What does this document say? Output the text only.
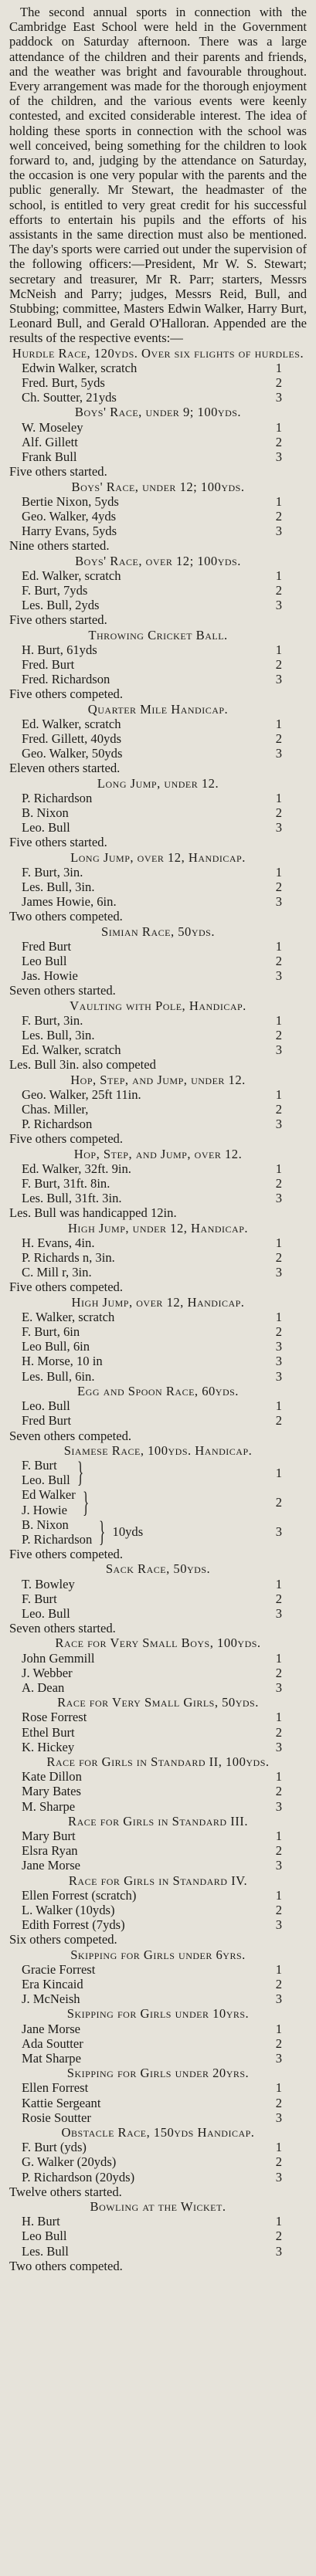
The second annual sports in connection with the Cambridge East School were held in the Government paddock on Saturday afternoon. There was a large attendance of the children and their parents and friends, and the weather was bright and favourable throughout. Every arrangement was made for the thorough enjoyment of the children, and the various events were keenly contested, and excited considerable interest. The idea of holding these sports in connection with the school was well conceived, being something for the children to look forward to, and, judging by the attendance on Saturday, the occasion is one very popular with the parents and the public generally. Mr Stewart, the headmaster of the school, is entitled to very great credit for his successful efforts to entertain his pupils and the efforts of his assistants in the same direction must also be mentioned. The day's sports were carried out under the supervision of the following officers:—President, Mr W. S. Stewart; secretary and treasurer, Mr R. Parr; starters, Messrs McNeish and Parry; judges, Messrs Reid, Bull, and Stubbing; committee, Masters Edwin Walker, Harry Burt, Leonard Bull, and Gerald O'Halloran. Appended are the results of the respective events:—

Hurdle Race, 120yds. Over six flights of hurdles.
Edwin Walker, scratch	1
Fred. Burt, 5yds	2
Ch. Soutter, 21yds	3
Boys' Race, under 9; 100yds.
W. Moseley	1
Alf. Gillett	2
Frank Bull	3
Five others started.
Boys' Race, under 12; 100yds.
Bertie Nixon, 5yds	1
Geo. Walker, 4yds	2
Harry Evans, 5yds	3
Nine others started.
Boys' Race, over 12; 100yds.
Ed. Walker, scratch	1
F. Burt, 7yds	2
Les. Bull, 2yds	3
Five others started.
Throwing Cricket Ball.
H. Burt, 61yds	1
Fred. Burt	2
Fred. Richardson	3
Five others competed.
Quarter Mile Handicap.
Ed. Walker, scratch	1
Fred. Gillett, 40yds	2
Geo. Walker, 50yds	3
Eleven others started.
Long Jump, under 12.
P. Richardson	1
B. Nixon	2
Leo. Bull	3
Five others started.
Long Jump, over 12, Handicap.
F. Burt, 3in.	1
Les. Bull, 3in.	2
James Howie, 6in.	3
Two others competed.
Simian Race, 50yds.
Fred Burt	1
Leo Bull	2
Jas. Howie	3
Seven others started.
Vaulting with Pole, Handicap.
F. Burt, 3in.	1
Les. Bull, 3in.	2
Ed. Walker, scratch	3
Les. Bull 3in. also competed
Hop, Step, and Jump, under 12.
Geo. Walker, 25ft 11in.	1
Chas. Miller,	2
P. Richardson	3
Five others competed.
Hop, Step, and Jump, over 12.
Ed. Walker, 32ft. 9in.	1
F. Burt, 31ft. 8in.	2
Les. Bull, 31ft. 3in.	3
Les. Bull was handicapped 12in.
High Jump, under 12, Handicap.
H. Evans, 4in.	1
P. Richards n, 3in.	2
C. Mill r, 3in.	3
Five others competed.
High Jump, over 12, Handicap.
E. Walker, scratch	1
F. Burt, 6in	2
Leo Bull, 6in	3
H. Morse, 10 in	3
Les. Bull, 6in.	3
Egg and Spoon Race, 60yds.
Leo. Bull	1
Fred Burt	2
Seven others competed.
Siamese Race, 100yds. Handicap.
F. Burt
Leo. Bull }	1
Ed Walker
J. Howie }	2
B. Nixon
P. Richardson } 10yds	3
Five others competed.
Sack Race, 50yds.
T. Bowley	1
F. Burt	2
Leo. Bull	3
Seven others started.
Race for Very Small Boys, 100yds.
John Gemmill	1
J. Webber	2
A. Dean	3
Race for Very Small Girls, 50yds.
Rose Forrest	1
Ethel Burt	2
K. Hickey	3
Race for Girls in Standard II, 100yds.
Kate Dillon	1
Mary Bates	2
M. Sharpe	3
Race for Girls in Standard III.
Mary Burt	1
Elsra Ryan	2
Jane Morse	3
Race for Girls in Standard IV.
Ellen Forrest (scratch)	1
L. Walker (10yds)	2
Edith Forrest (7yds)	3
Six others competed.
Skipping for Girls under 6yrs.
Gracie Forrest	1
Era Kincaid	2
J. McNeish	3
Skipping for Girls under 10yrs.
Jane Morse	1
Ada Soutter	2
Mat Sharpe	3
Skipping for Girls under 20yrs.
Ellen Forrest	1
Kattie Sergeant	2
Rosie Soutter	3
Obstacle Race, 150yds Handicap.
F. Burt (yds)	1
G. Walker (20yds)	2
P. Richardson (20yds)	3
Twelve others started.
Bowling at the Wicket.
H. Burt	1
Leo Bull	2
Les. Bull	3
Two others competed.
